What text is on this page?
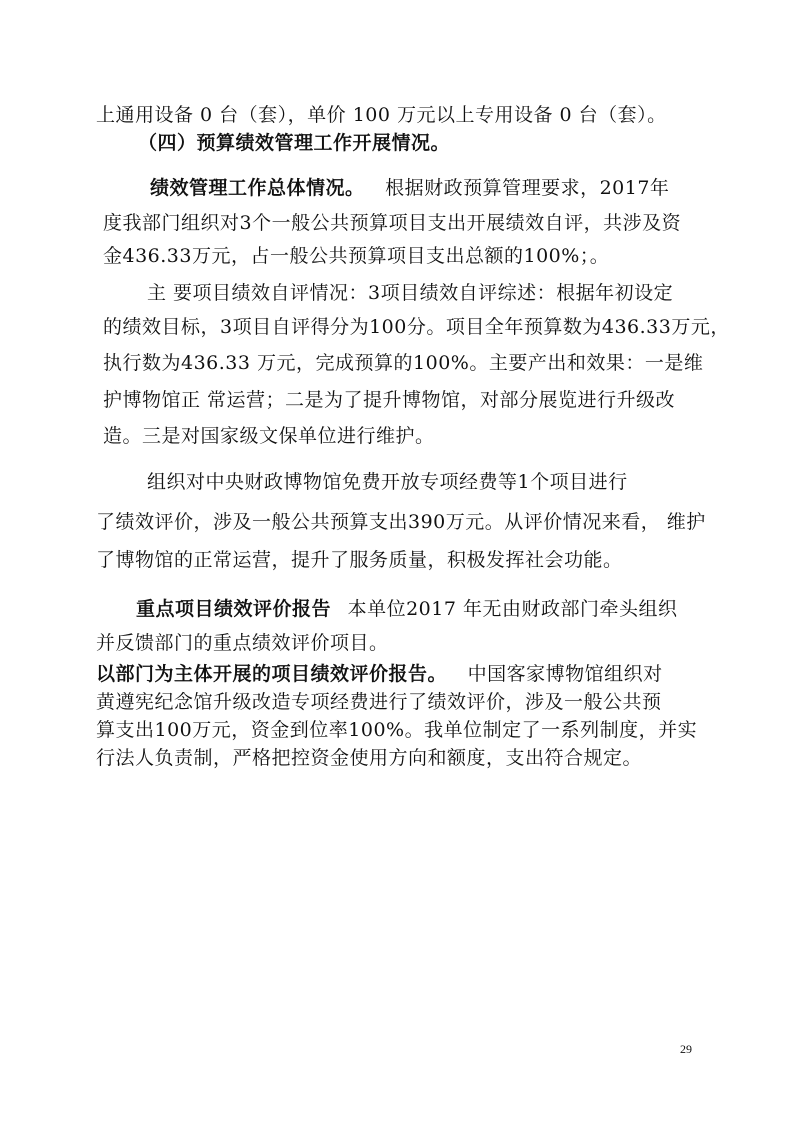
上通用设备 0 台（套），单价 100 万元以上专用设备 0 台（套）。
（四）预算绩效管理工作开展情况。
绩效管理工作总体情况。 根据财政预算管理要求，2017年
度我部门组织对3个一般公共预算项目支出开展绩效自评，共涉及资
金436.33万元，占一般公共预算项目支出总额的100%；。
主 要项目绩效自评情况：3项目绩效自评综述：根据年初设定
的绩效目标，3项目自评得分为100分。项目全年预算数为436.33万元，
执行数为436.33 万元，完成预算的100%。主要产出和效果：一是维
护博物馆正 常运营；二是为了提升博物馆，对部分展览进行升级改
造。三是对国家级文保单位进行维护。
组织对中央财政博物馆免费开放专项经费等1个项目进行
了绩效评价，涉及一般公共预算支出390万元。从评价情况来看， 维护
了博物馆的正常运营，提升了服务质量，积极发挥社会功能。
重点项目绩效评价报告 本单位2017 年无由财政部门牵头组织
并反馈部门的重点绩效评价项目。
以部门为主体开展的项目绩效评价报告。 中国客家博物馆组织对
黄遵宪纪念馆升级改造专项经费进行了绩效评价，涉及一般公共预
算支出100万元，资金到位率100%。我单位制定了一系列制度，并实
行法人负责制，严格把控资金使用方向和额度，支出符合规定。
29
